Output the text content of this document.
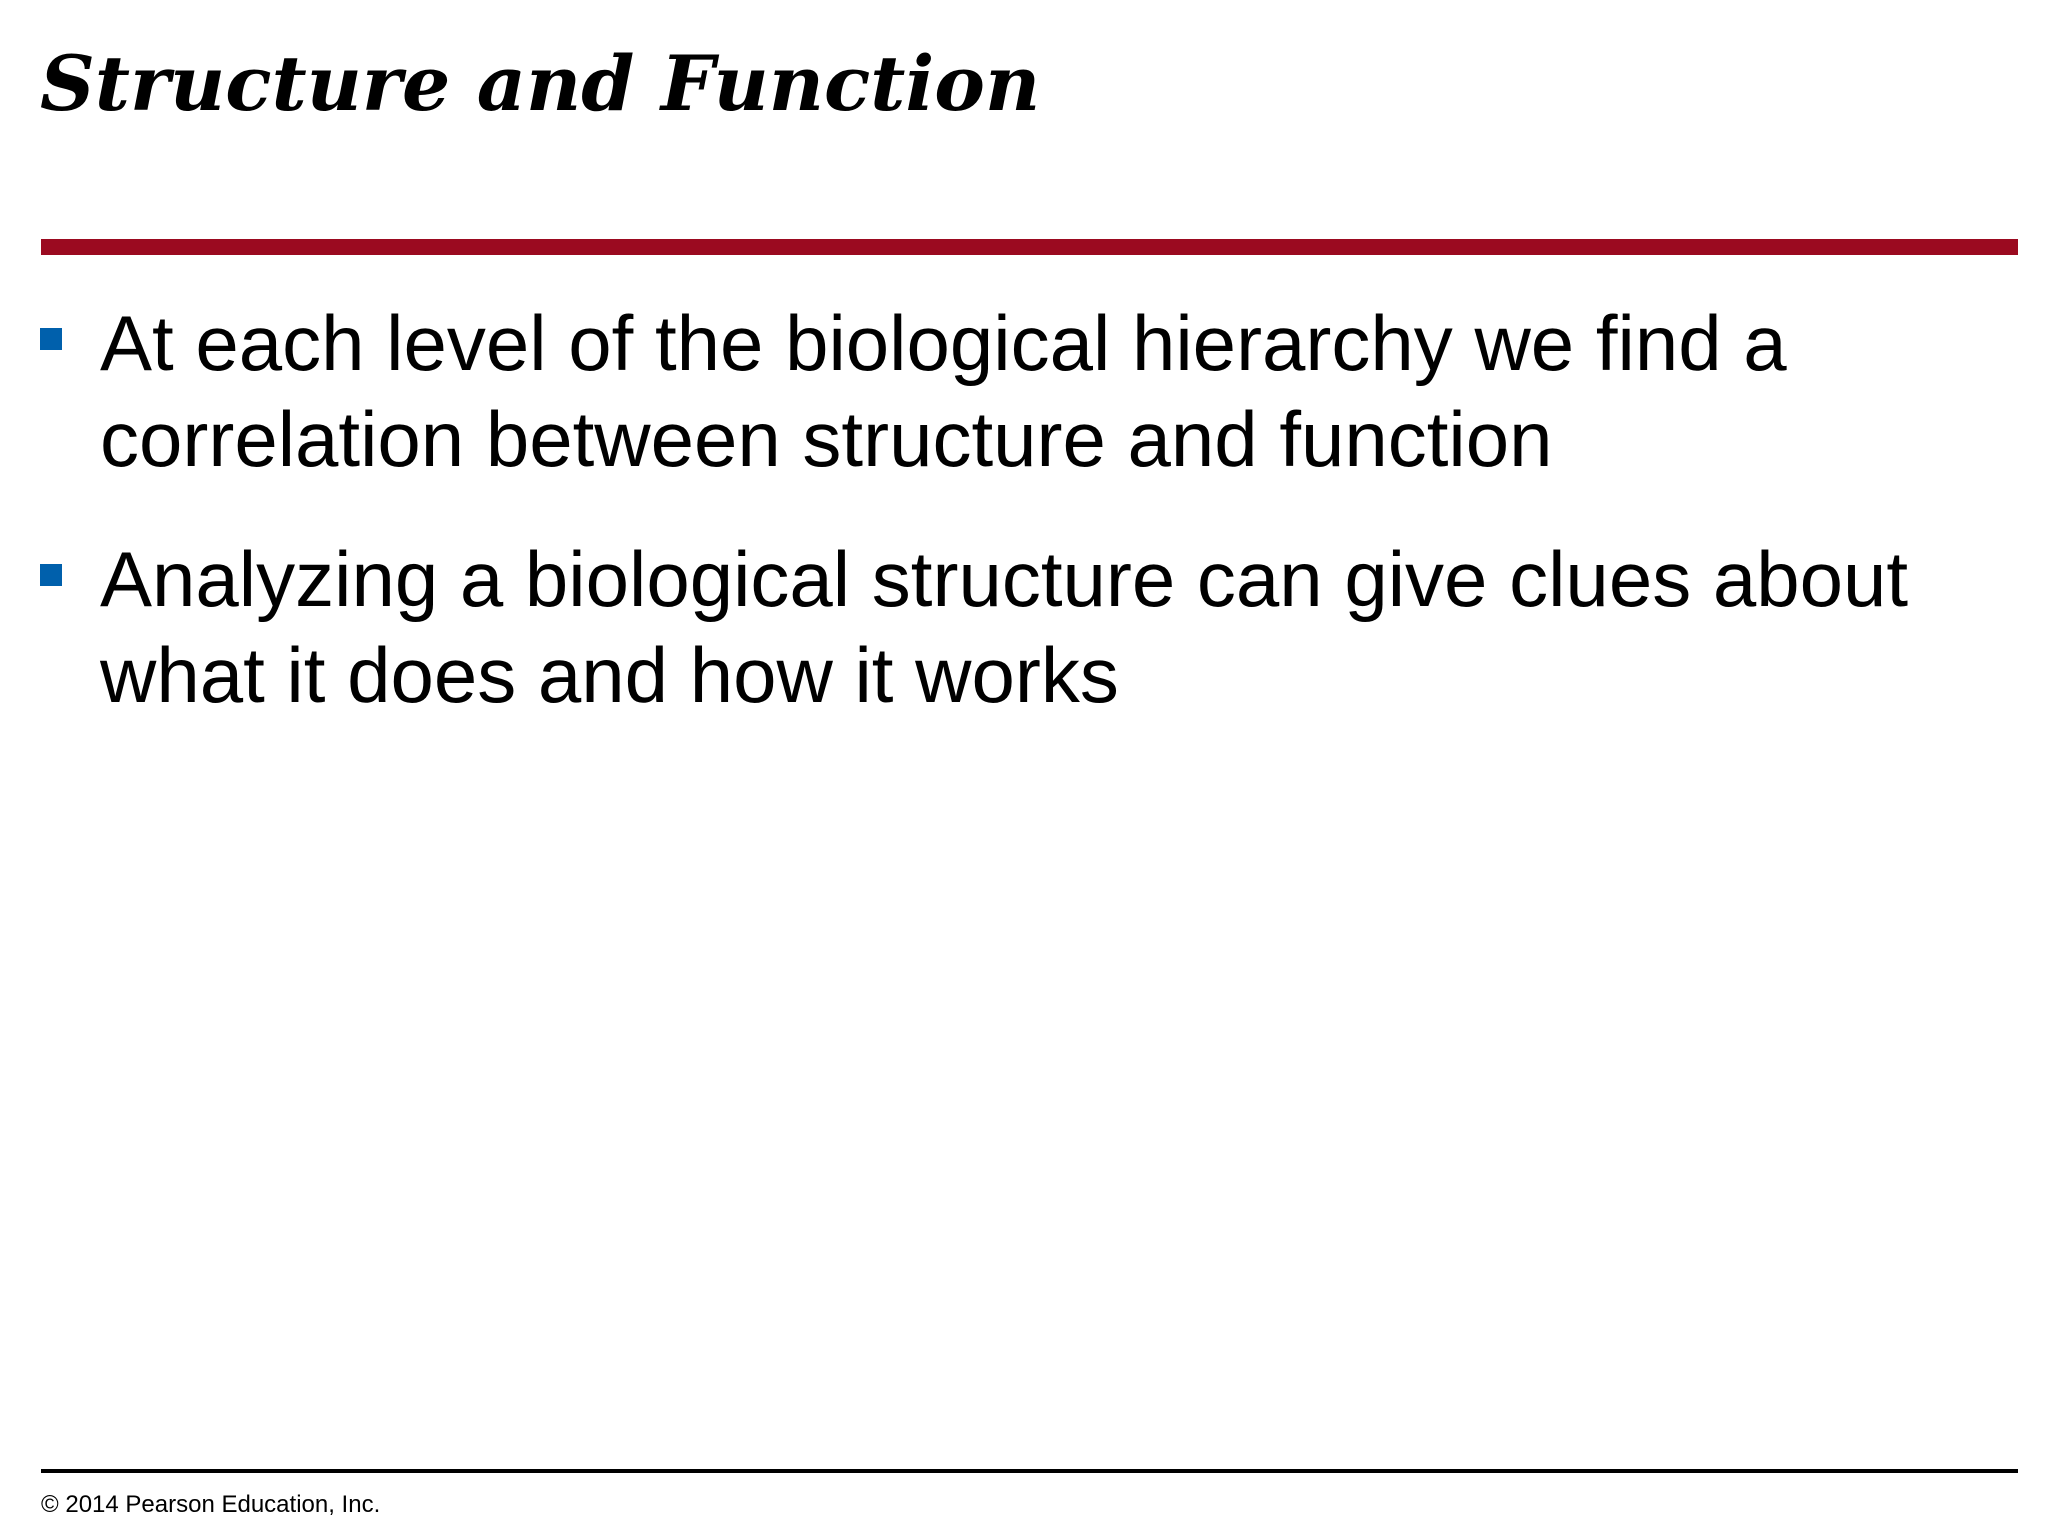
Structure and Function
At each level of the biological hierarchy we find a correlation between structure and function
Analyzing a biological structure can give clues about what it does and how it works
© 2014 Pearson Education, Inc.
